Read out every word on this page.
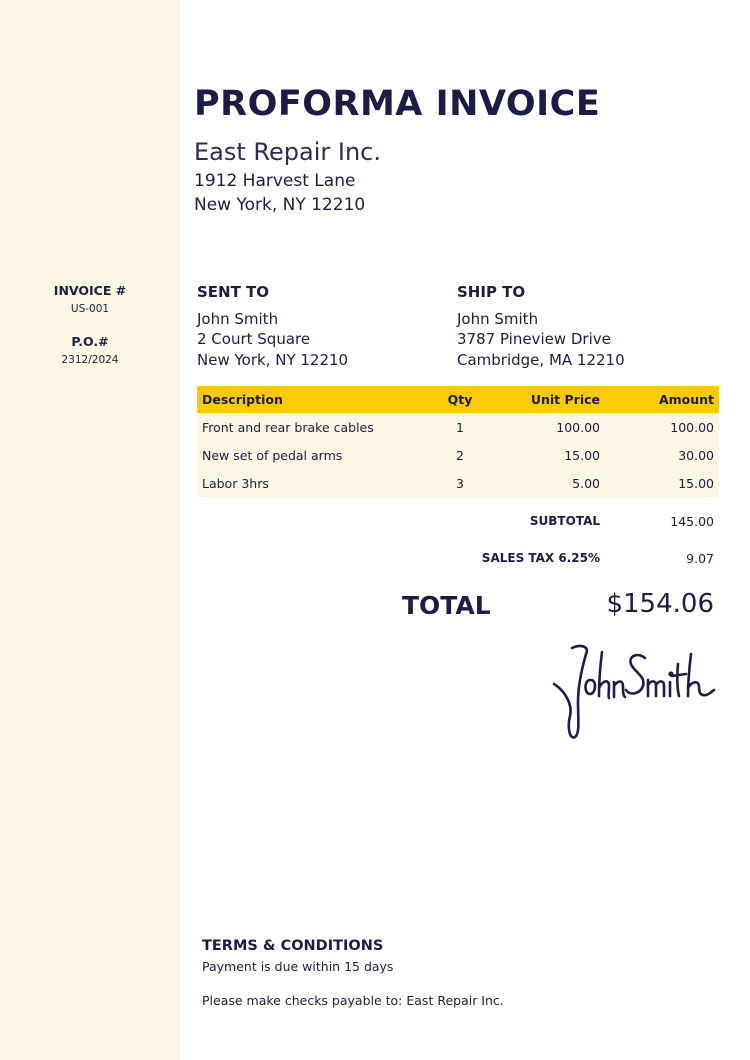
INVOICE #
US-001
P.O.#
2312/2024
PROFORMA INVOICE
East Repair Inc.
1912 Harvest Lane
New York, NY 12210
SENT TO
John Smith
2 Court Square
New York, NY 12210
SHIP TO
John Smith
3787 Pineview Drive
Cambridge, MA 12210
Description	Qty	Unit Price	Amount
Front and rear brake cables	1	100.00	100.00
New set of pedal arms	2	15.00	30.00
Labor 3hrs	3	5.00	15.00
SUBTOTAL	145.00
SALES TAX 6.25%	9.07
TOTAL	$154.06
TERMS & CONDITIONS
Payment is due within 15 days
Please make checks payable to: East Repair Inc.
